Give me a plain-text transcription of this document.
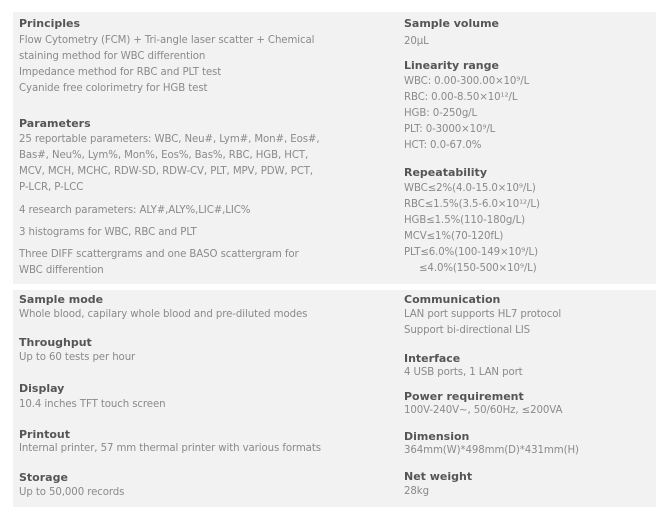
Principles
Flow Cytometry (FCM) + Tri-angle laser scatter + Chemical
staining method for WBC differention
Impedance method for RBC and PLT test
Cyanide free colorimetry for HGB test
Parameters
25 reportable parameters: WBC, Neu#, Lym#, Mon#, Eos#,
Bas#, Neu%, Lym%, Mon%, Eos%, Bas%, RBC, HGB, HCT,
MCV, MCH, MCHC, RDW-SD, RDW-CV, PLT, MPV, PDW, PCT,
P-LCR, P-LCC
4 research parameters: ALY#,ALY%,LIC#,LIC%
3 histograms for WBC, RBC and PLT
Three DIFF scattergrams and one BASO scattergram for
WBC differention
Sample volume
20µL
Linearity range
WBC: 0.00-300.00×10⁹/L
RBC: 0.00-8.50×10¹²/L
HGB: 0-250g/L
PLT: 0-3000×10⁹/L
HCT: 0.0-67.0%
Repeatability
WBC≤2%(4.0-15.0×10⁹/L)
RBC≤1.5%(3.5-6.0×10¹²/L)
HGB≤1.5%(110-180g/L)
MCV≤1%(70-120fL)
PLT≤6.0%(100-149×10⁹/L)
≤4.0%(150-500×10⁹/L)
Sample mode
Whole blood, capilary whole blood and pre-diluted modes
Throughput
Up to 60 tests per hour
Display
10.4 inches TFT touch screen
Printout
Internal printer, 57 mm thermal printer with various formats
Storage
Up to 50,000 records
Communication
LAN port supports HL7 protocol
Support bi-directional LIS
Interface
4 USB ports, 1 LAN port
Power requirement
100V-240V~, 50/60Hz, ≤200VA
Dimension
364mm(W)*498mm(D)*431mm(H)
Net weight
28kg
